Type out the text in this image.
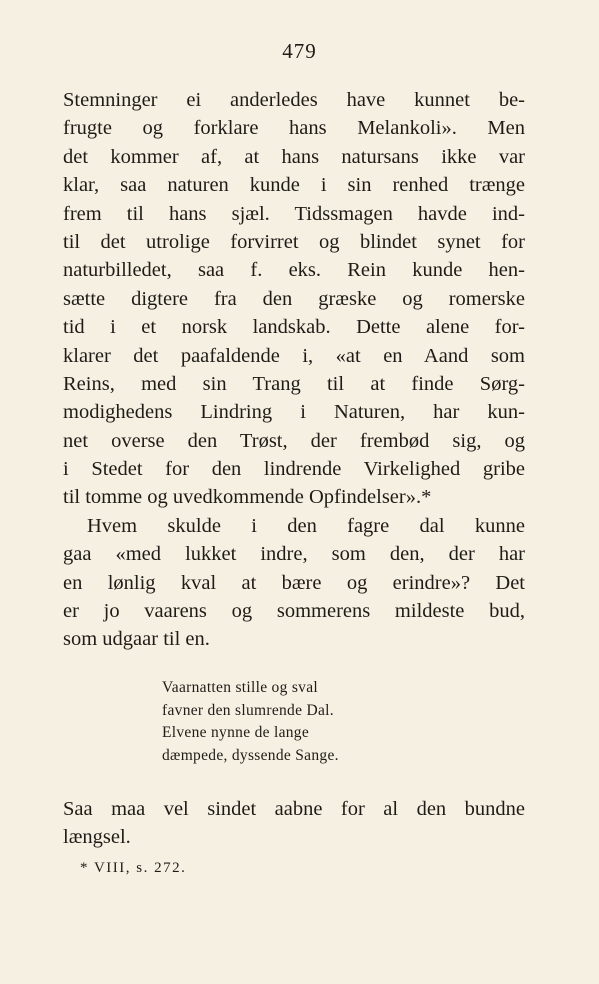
479
Stemninger ei anderledes have kunnet be-
frugte og forklare hans Melankoli». Men
det kommer af, at hans natursans ikke var
klar, saa naturen kunde i sin renhed trænge
frem til hans sjæl. Tidssmagen havde ind-
til det utrolige forvirret og blindet synet for
naturbilledet, saa f. eks. Rein kunde hen-
sætte digtere fra den græske og romerske
tid i et norsk landskab. Dette alene for-
klarer det paafaldende i, «at en Aand som
Reins, med sin Trang til at finde Sørg-
modighedens Lindring i Naturen, har kun-
net overse den Trøst, der frembød sig, og
i Stedet for den lindrende Virkelighed gribe
til tomme og uvedkommende Opfindelser».*
Hvem skulde i den fagre dal kunne
gaa «med lukket indre, som den, der har
en lønlig kval at bære og erindre»? Det
er jo vaarens og sommerens mildeste bud,
som udgaar til en.
Vaarnatten stille og sval
favner den slumrende Dal.
Elvene nynne de lange
dæmpede, dyssende Sange.
Saa maa vel sindet aabne for al den bundne
længsel.
* VIII, s. 272.
